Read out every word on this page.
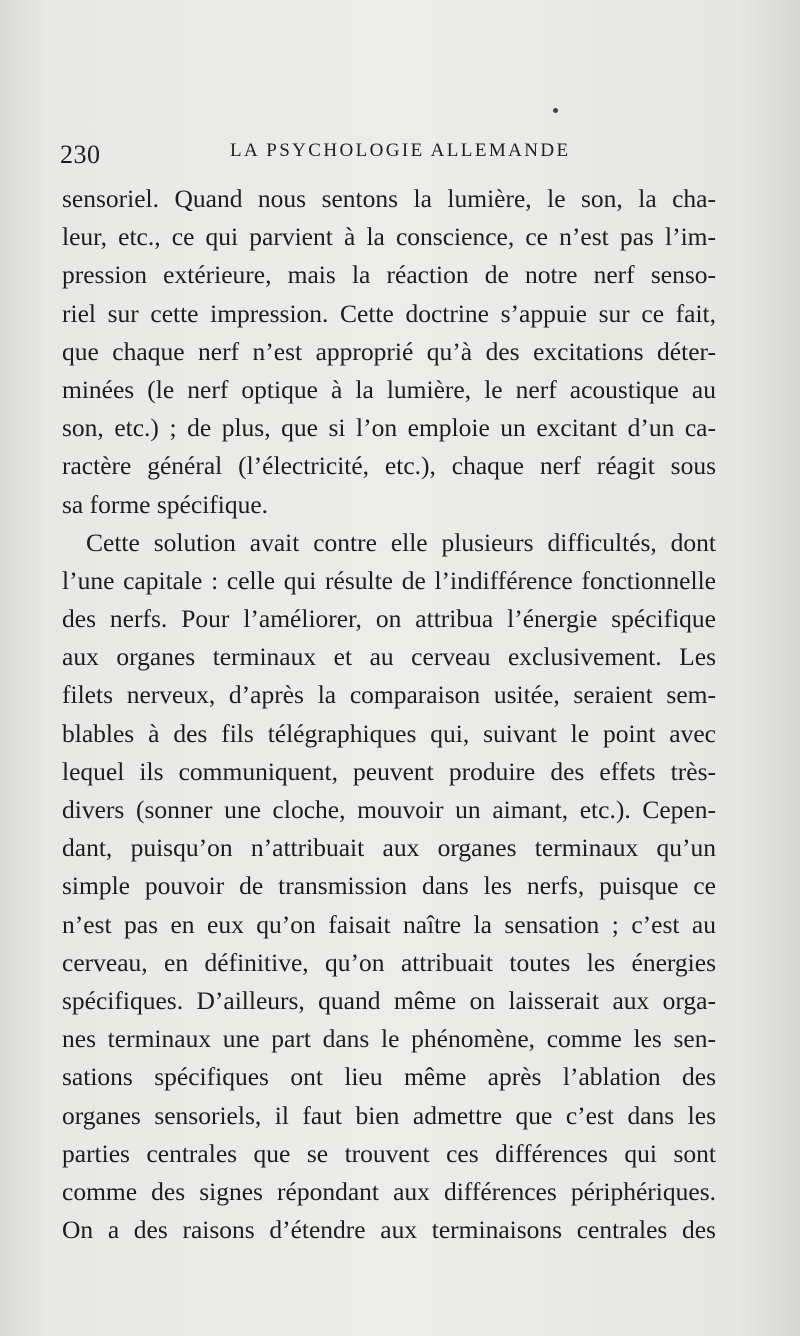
230	LA PSYCHOLOGIE ALLEMANDE
sensoriel. Quand nous sentons la lumière, le son, la cha-
leur, etc., ce qui parvient à la conscience, ce n’est pas l’im-
pression extérieure, mais la réaction de notre nerf senso-
riel sur cette impression. Cette doctrine s’appuie sur ce fait,
que chaque nerf n’est approprié qu’à des excitations déter-
minées (le nerf optique à la lumière, le nerf acoustique au
son, etc.) ; de plus, que si l’on emploie un excitant d’un ca-
ractère général (l’électricité, etc.), chaque nerf réagit sous
sa forme spécifique.
Cette solution avait contre elle plusieurs difficultés, dont
l’une capitale : celle qui résulte de l’indifférence fonctionnelle
des nerfs. Pour l’améliorer, on attribua l’énergie spécifique
aux organes terminaux et au cerveau exclusivement. Les
filets nerveux, d’après la comparaison usitée, seraient sem-
blables à des fils télégraphiques qui, suivant le point avec
lequel ils communiquent, peuvent produire des effets très-
divers (sonner une cloche, mouvoir un aimant, etc.). Cepen-
dant, puisqu’on n’attribuait aux organes terminaux qu’un
simple pouvoir de transmission dans les nerfs, puisque ce
n’est pas en eux qu’on faisait naître la sensation ; c’est au
cerveau, en définitive, qu’on attribuait toutes les énergies
spécifiques. D’ailleurs, quand même on laisserait aux orga-
nes terminaux une part dans le phénomène, comme les sen-
sations spécifiques ont lieu même après l’ablation des
organes sensoriels, il faut bien admettre que c’est dans les
parties centrales que se trouvent ces différences qui sont
comme des signes répondant aux différences périphériques.
On a des raisons d’étendre aux terminaisons centrales des
